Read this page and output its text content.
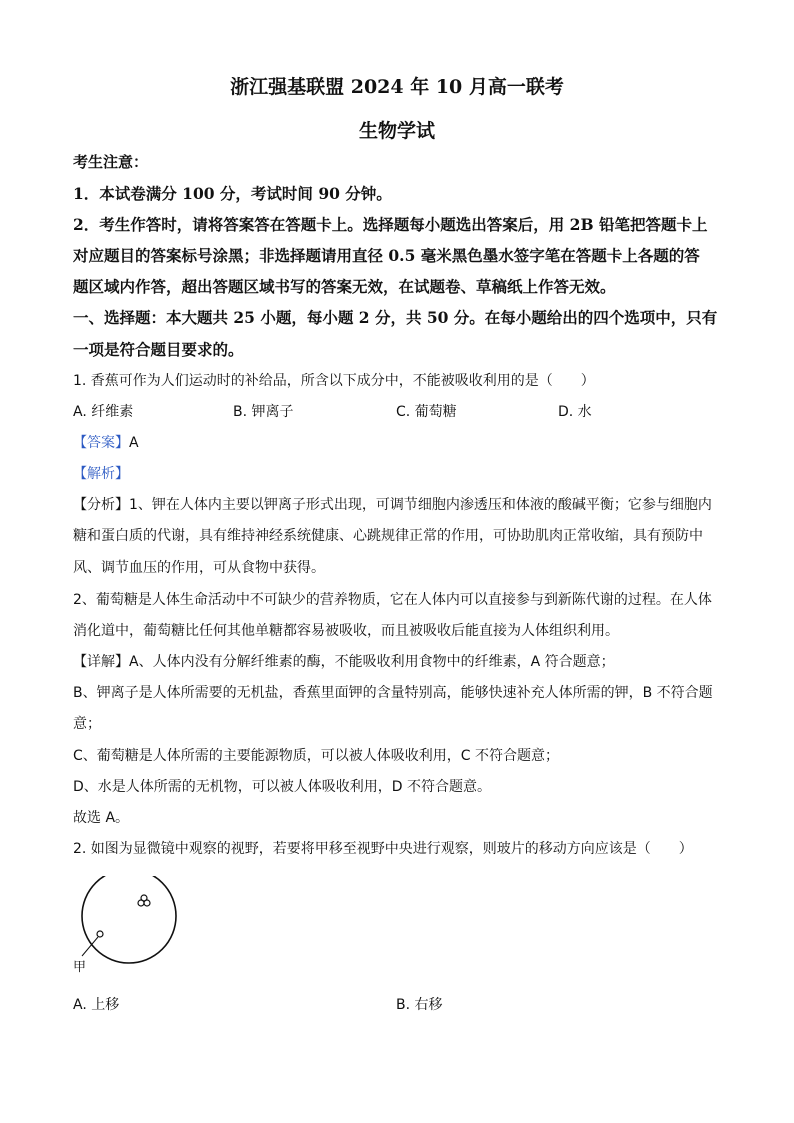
浙江强基联盟 2024 年 10 月高一联考
生物学试
考生注意：
1．本试卷满分 100 分，考试时间 90 分钟。
2．考生作答时，请将答案答在答题卡上。选择题每小题选出答案后，用 2B 铅笔把答题卡上
对应题目的答案标号涂黑；非选择题请用直径 0.5 毫米黑色墨水签字笔在答题卡上各题的答
题区域内作答，超出答题区域书写的答案无效，在试题卷、草稿纸上作答无效。
一、选择题：本大题共 25 小题，每小题 2 分，共 50 分。在每小题给出的四个选项中，只有
一项是符合题目要求的。
1. 香蕉可作为人们运动时的补给品，所含以下成分中，不能被吸收利用的是（　　）
A. 纤维素	B. 钾离子	C. 葡萄糖	D. 水
【答案】A
【解析】
【分析】1、钾在人体内主要以钾离子形式出现，可调节细胞内渗透压和体液的酸碱平衡；它参与细胞内
糖和蛋白质的代谢，具有维持神经系统健康、心跳规律正常的作用，可协助肌肉正常收缩，具有预防中
风、调节血压的作用，可从食物中获得。
2、葡萄糖是人体生命活动中不可缺少的营养物质，它在人体内可以直接参与到新陈代谢的过程。在人体
消化道中，葡萄糖比任何其他单糖都容易被吸收，而且被吸收后能直接为人体组织利用。
【详解】A、人体内没有分解纤维素的酶，不能吸收利用食物中的纤维素，A 符合题意；
B、钾离子是人体所需要的无机盐，香蕉里面钾的含量特别高，能够快速补充人体所需的钾，B 不符合题
意；
C、葡萄糖是人体所需的主要能源物质，可以被人体吸收利用，C 不符合题意；
D、水是人体所需的无机物，可以被人体吸收利用，D 不符合题意。
故选 A。
2. 如图为显微镜中观察的视野，若要将甲移至视野中央进行观察，则玻片的移动方向应该是（　　）
甲
A. 上移	B. 右移
